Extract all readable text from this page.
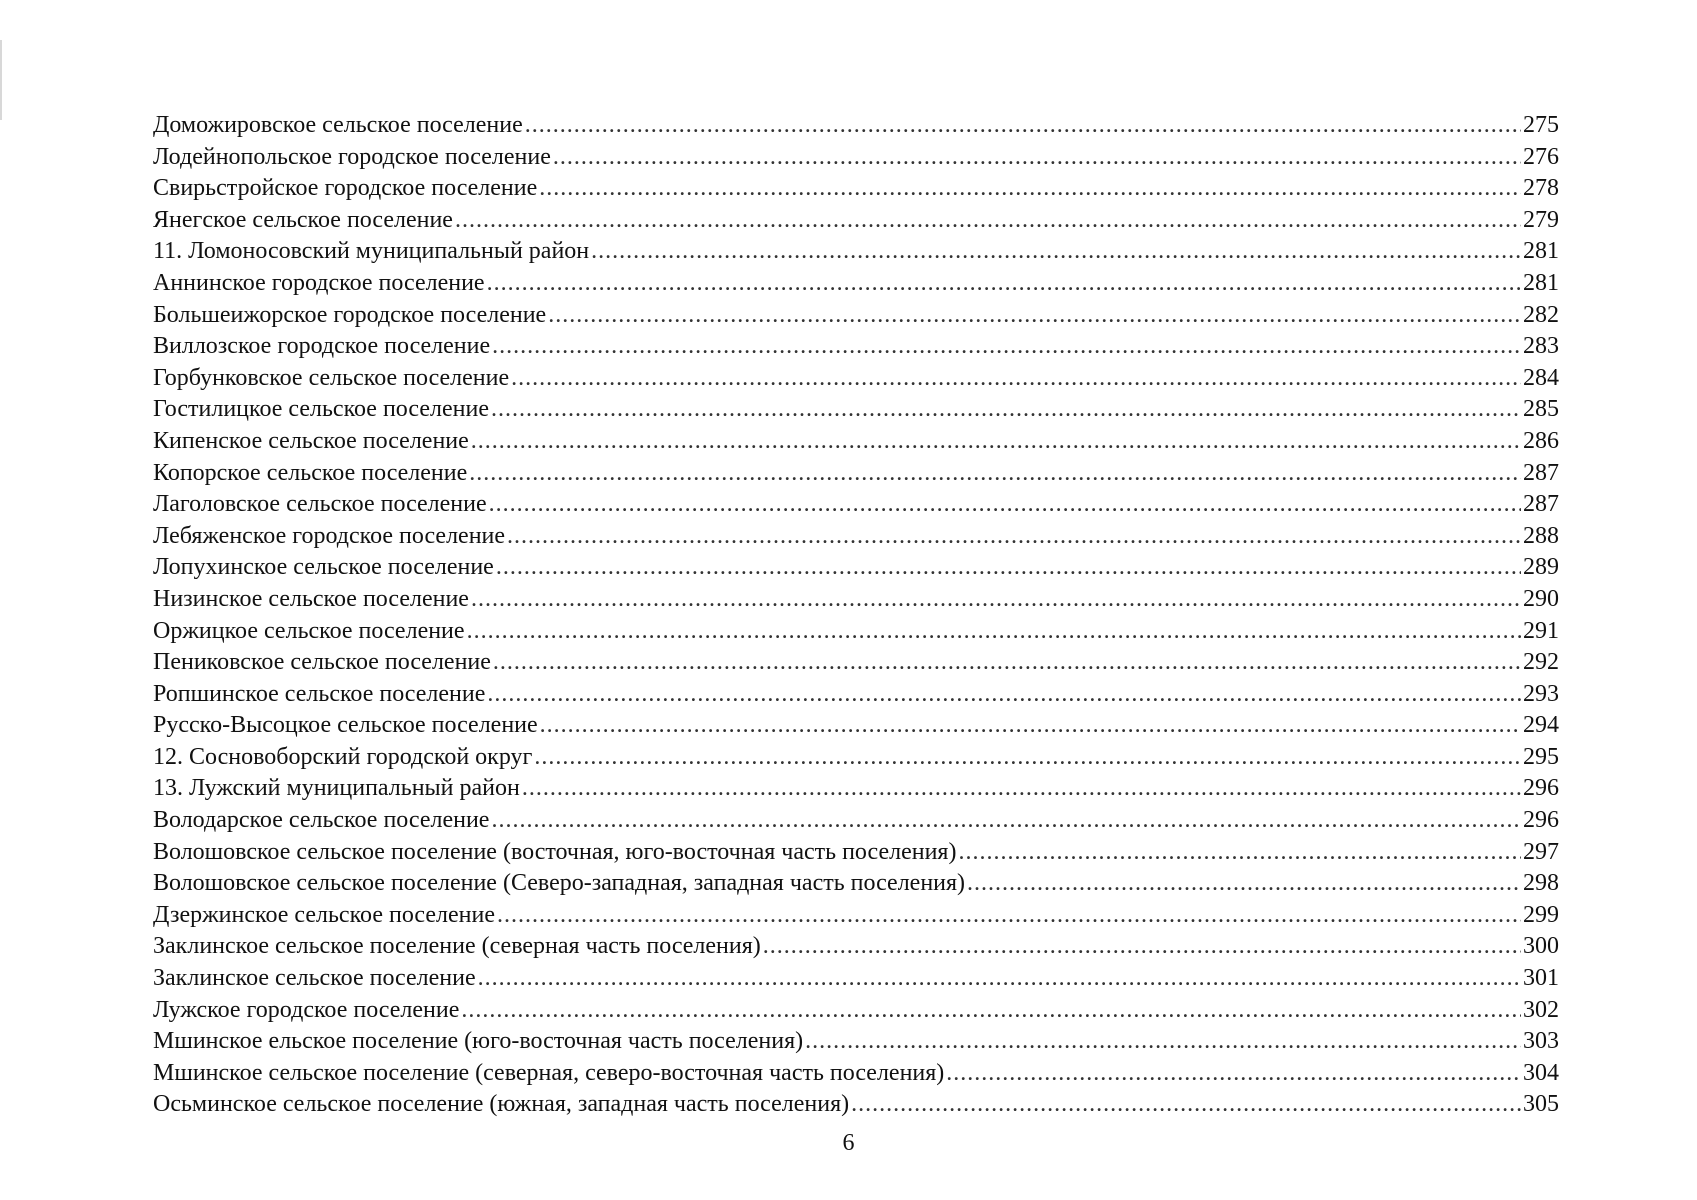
Доможировское сельское поселение .....	275
Лодейнопольское городское поселение .....	276
Свирьстройское городское поселение .....	278
Янегское сельское поселение .....	279
11. Ломоносовский муниципальный район .....	281
Аннинское городское поселение .....	281
Большеижорское городское поселение .....	282
Виллозское городское поселение .....	283
Горбунковское сельское поселение .....	284
Гостилицкое сельское поселение .....	285
Кипенское сельское поселение .....	286
Копорское сельское поселение .....	287
Лаголовское сельское поселение .....	287
Лебяженское городское поселение .....	288
Лопухинское сельское поселение .....	289
Низинское сельское поселение .....	290
Оржицкое сельское поселение .....	291
Пениковское сельское поселение .....	292
Ропшинское сельское поселение .....	293
Русско-Высоцкое сельское поселение .....	294
12. Сосновоборский городской округ .....	295
13. Лужский муниципальный район .....	296
Володарское сельское поселение .....	296
Волошовское сельское поселение (восточная, юго-восточная часть поселения) .....	297
Волошовское сельское поселение (Северо-западная, западная часть поселения) .....	298
Дзержинское сельское поселение .....	299
Заклинское сельское поселение (северная часть поселения) .....	300
Заклинское сельское поселение .....	301
Лужское городское поселение .....	302
Мшинское ельское поселение (юго-восточная часть поселения) .....	303
Мшинское сельское поселение (северная, северо-восточная часть поселения) .....	304
Осьминское сельское поселение (южная, западная часть поселения) .....	305
6
